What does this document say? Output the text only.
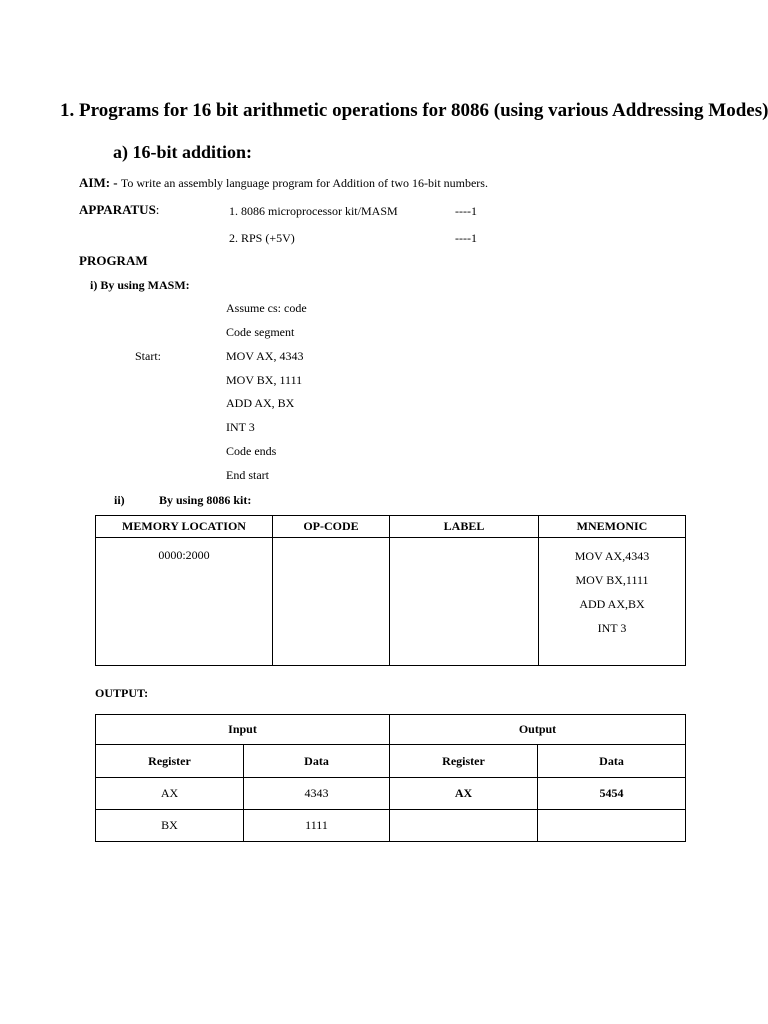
1. Programs for 16 bit arithmetic operations for 8086 (using various Addressing Modes)
a) 16-bit addition:
AIM: - To write an assembly language program for Addition of two 16-bit numbers.
APPARATUS:	1. 8086 microprocessor kit/MASM	----1
2. RPS (+5V)	----1
PROGRAM
i) By using MASM:
Assume cs: code
Code segment
Start:	MOV AX, 4343
MOV BX, 1111
ADD AX, BX
INT 3
Code ends
End start
ii)	By using 8086 kit:
MEMORY LOCATION	OP-CODE	LABEL	MNEMONIC
0000:2000			MOV AX,4343
MOV BX,1111
ADD AX,BX
INT 3
OUTPUT:
Input		Output	
Register	Data	Register	Data
AX	4343	AX	5454
BX	1111		
